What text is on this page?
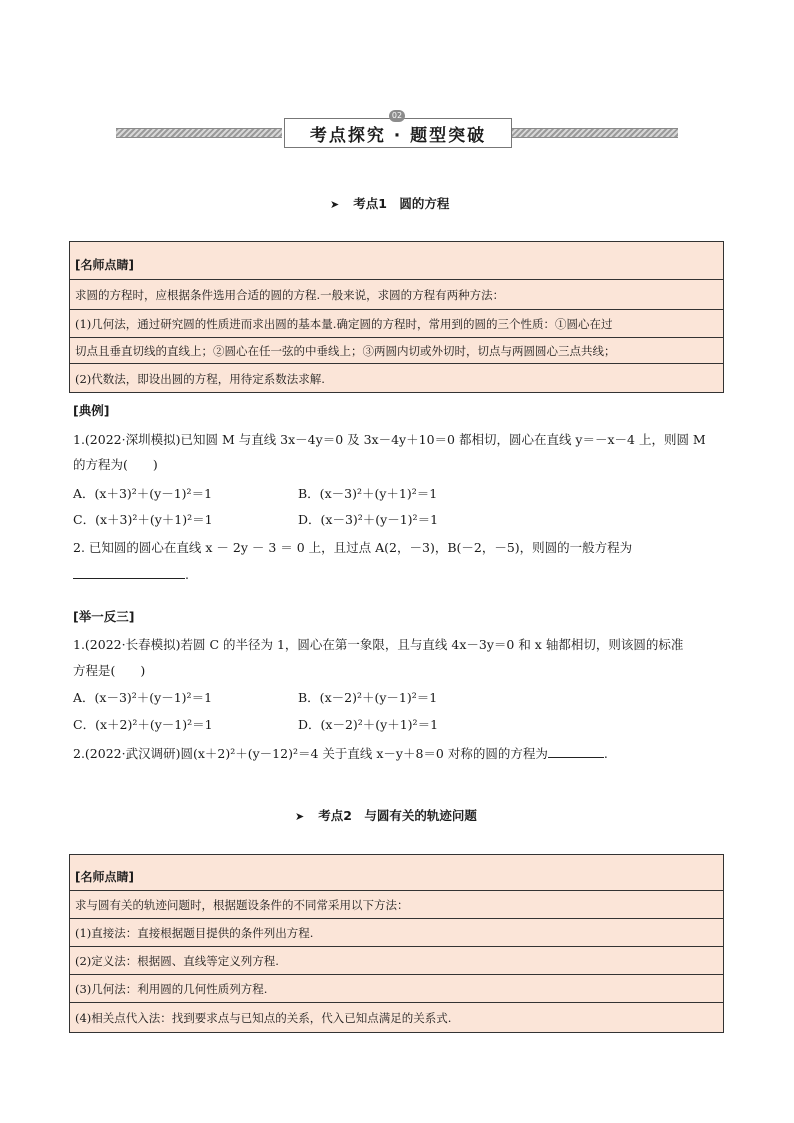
考点探究 · 题型突破
02
➤ 考点1　圆的方程
[名师点睛]
求圆的方程时，应根据条件选用合适的圆的方程.一般来说，求圆的方程有两种方法：
(1)几何法，通过研究圆的性质进而求出圆的基本量.确定圆的方程时，常用到的圆的三个性质：①圆心在过
切点且垂直切线的直线上；②圆心在任一弦的中垂线上；③两圆内切或外切时，切点与两圆圆心三点共线；
(2)代数法，即设出圆的方程，用待定系数法求解.
[典例]
1.(2022·深圳模拟)已知圆 M 与直线 3x－4y＝0 及 3x－4y＋10＝0 都相切，圆心在直线 y＝－x－4 上，则圆 M
的方程为(　　)
A．(x＋3)²＋(y－1)²＝1	B．(x－3)²＋(y＋1)²＝1
C．(x＋3)²＋(y＋1)²＝1	D．(x－3)²＋(y－1)²＝1
2. 已知圆的圆心在直线 x － 2y － 3 ＝ 0 上，且过点 A(2，－3)，B(－2，－5)，则圆的一般方程为
.
[举一反三]
1.(2022·长春模拟)若圆 C 的半径为 1，圆心在第一象限，且与直线 4x－3y＝0 和 x 轴都相切，则该圆的标准
方程是(　　)
A．(x－3)²＋(y－1)²＝1	B．(x－2)²＋(y－1)²＝1
C．(x＋2)²＋(y－1)²＝1	D．(x－2)²＋(y＋1)²＝1
2.(2022·武汉调研)圆(x＋2)²＋(y－12)²＝4 关于直线 x－y＋8＝0 对称的圆的方程为	.
➤ 考点2　与圆有关的轨迹问题
[名师点睛]
求与圆有关的轨迹问题时，根据题设条件的不同常采用以下方法：
(1)直接法：直接根据题目提供的条件列出方程.
(2)定义法：根据圆、直线等定义列方程.
(3)几何法：利用圆的几何性质列方程.
(4)相关点代入法：找到要求点与已知点的关系，代入已知点满足的关系式.
